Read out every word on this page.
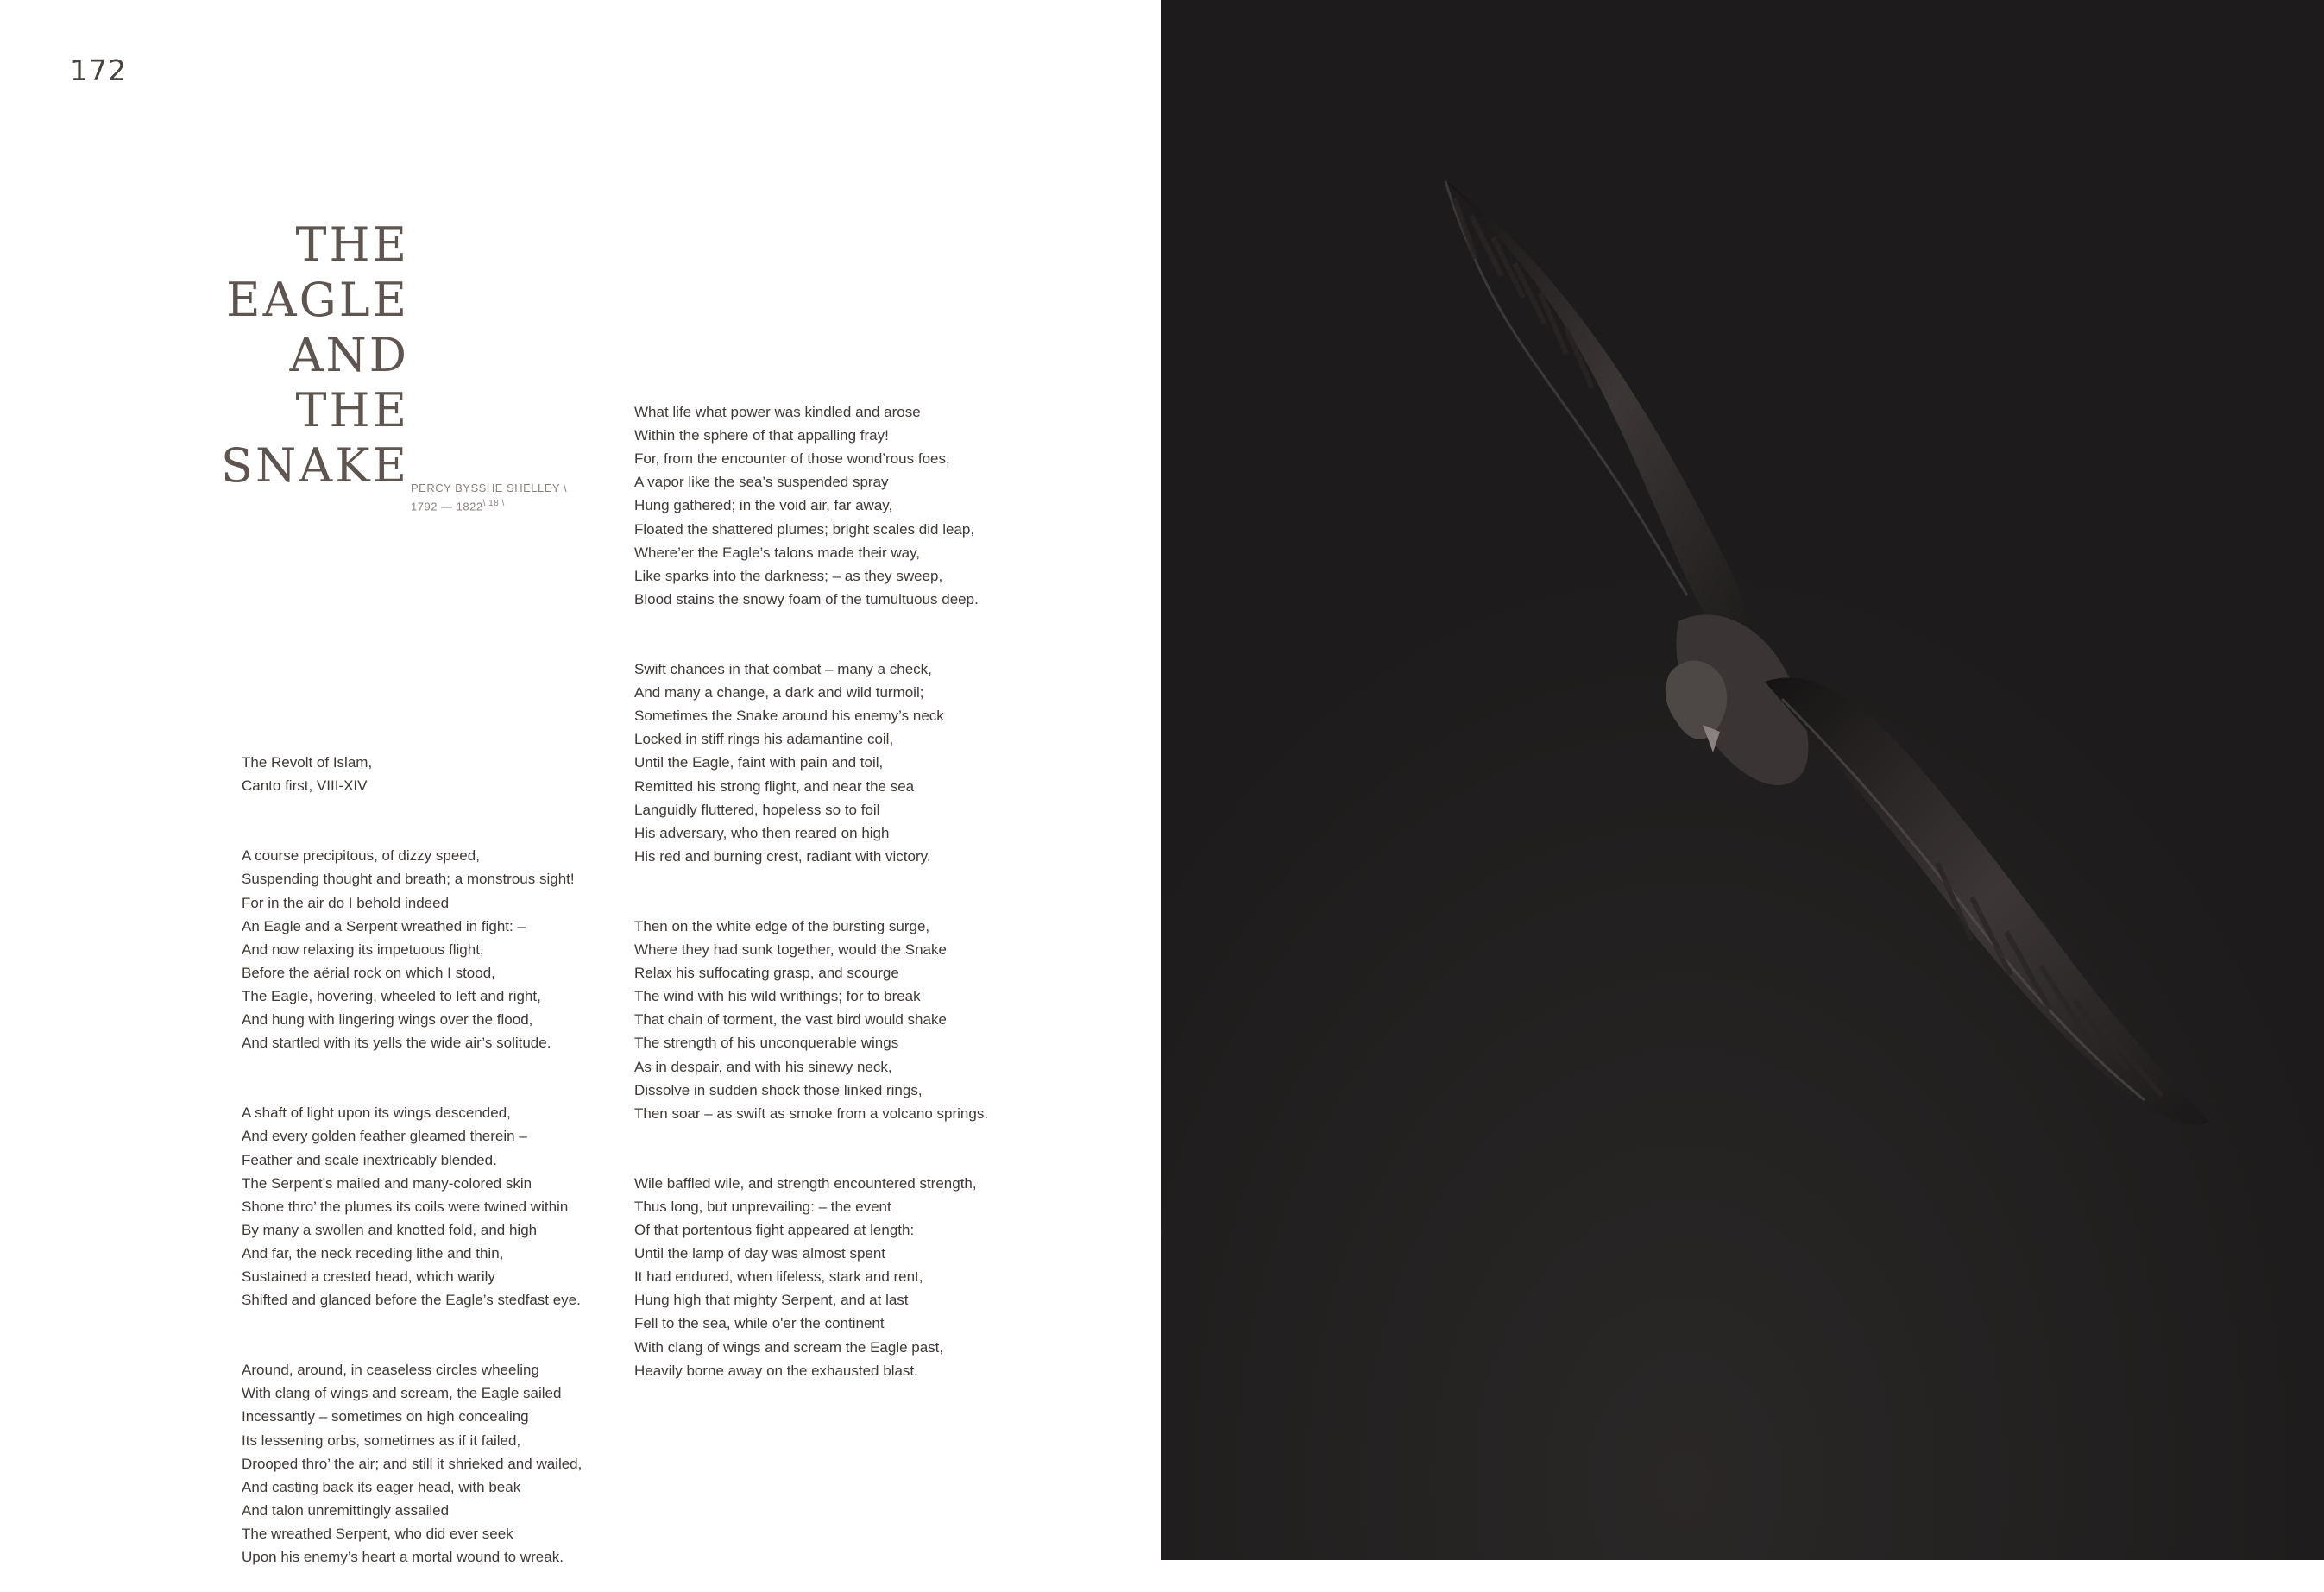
172
THE
EAGLE
AND
THE
SNAKE PERCY BYSSHE SHELLEY \
1792 — $1822^{\backslash 18 \backslash}$

The Revolt of Islam,
Canto first, VIII-XIV

A course precipitous, of dizzy speed,
Suspending thought and breath; a monstrous sight!
For in the air do I behold indeed
An Eagle and a Serpent wreathed in fight: –
And now relaxing its impetuous flight,
Before the aërial rock on which I stood,
The Eagle, hovering, wheeled to left and right,
And hung with lingering wings over the flood,
And startled with its yells the wide air’s solitude.

A shaft of light upon its wings descended,
And every golden feather gleamed therein –
Feather and scale inextricably blended.
The Serpent’s mailed and many-colored skin
Shone thro’ the plumes its coils were twined within
By many a swollen and knotted fold, and high
And far, the neck receding lithe and thin,
Sustained a crested head, which warily
Shifted and glanced before the Eagle’s stedfast eye.

Around, around, in ceaseless circles wheeling
With clang of wings and scream, the Eagle sailed
Incessantly – sometimes on high concealing
Its lessening orbs, sometimes as if it failed,
Drooped thro’ the air; and still it shrieked and wailed,
And casting back its eager head, with beak
And talon unremittingly assailed
The wreathed Serpent, who did ever seek
Upon his enemy’s heart a mortal wound to wreak.

What life what power was kindled and arose
Within the sphere of that appalling fray!
For, from the encounter of those wond’rous foes,
A vapor like the sea’s suspended spray
Hung gathered; in the void air, far away,
Floated the shattered plumes; bright scales did leap,
Where’er the Eagle’s talons made their way,
Like sparks into the darkness; – as they sweep,
Blood stains the snowy foam of the tumultuous deep.

Swift chances in that combat – many a check,
And many a change, a dark and wild turmoil;
Sometimes the Snake around his enemy’s neck
Locked in stiff rings his adamantine coil,
Until the Eagle, faint with pain and toil,
Remitted his strong flight, and near the sea
Languidly fluttered, hopeless so to foil
His adversary, who then reared on high
His red and burning crest, radiant with victory.

Then on the white edge of the bursting surge,
Where they had sunk together, would the Snake
Relax his suffocating grasp, and scourge
The wind with his wild writhings; for to break
That chain of torment, the vast bird would shake
The strength of his unconquerable wings
As in despair, and with his sinewy neck,
Dissolve in sudden shock those linked rings,
Then soar – as swift as smoke from a volcano springs.

Wile baffled wile, and strength encountered strength,
Thus long, but unprevailing: – the event
Of that portentous fight appeared at length:
Until the lamp of day was almost spent
It had endured, when lifeless, stark and rent,
Hung high that mighty Serpent, and at last
Fell to the sea, while o'er the continent
With clang of wings and scream the Eagle past,
Heavily borne away on the exhausted blast.
